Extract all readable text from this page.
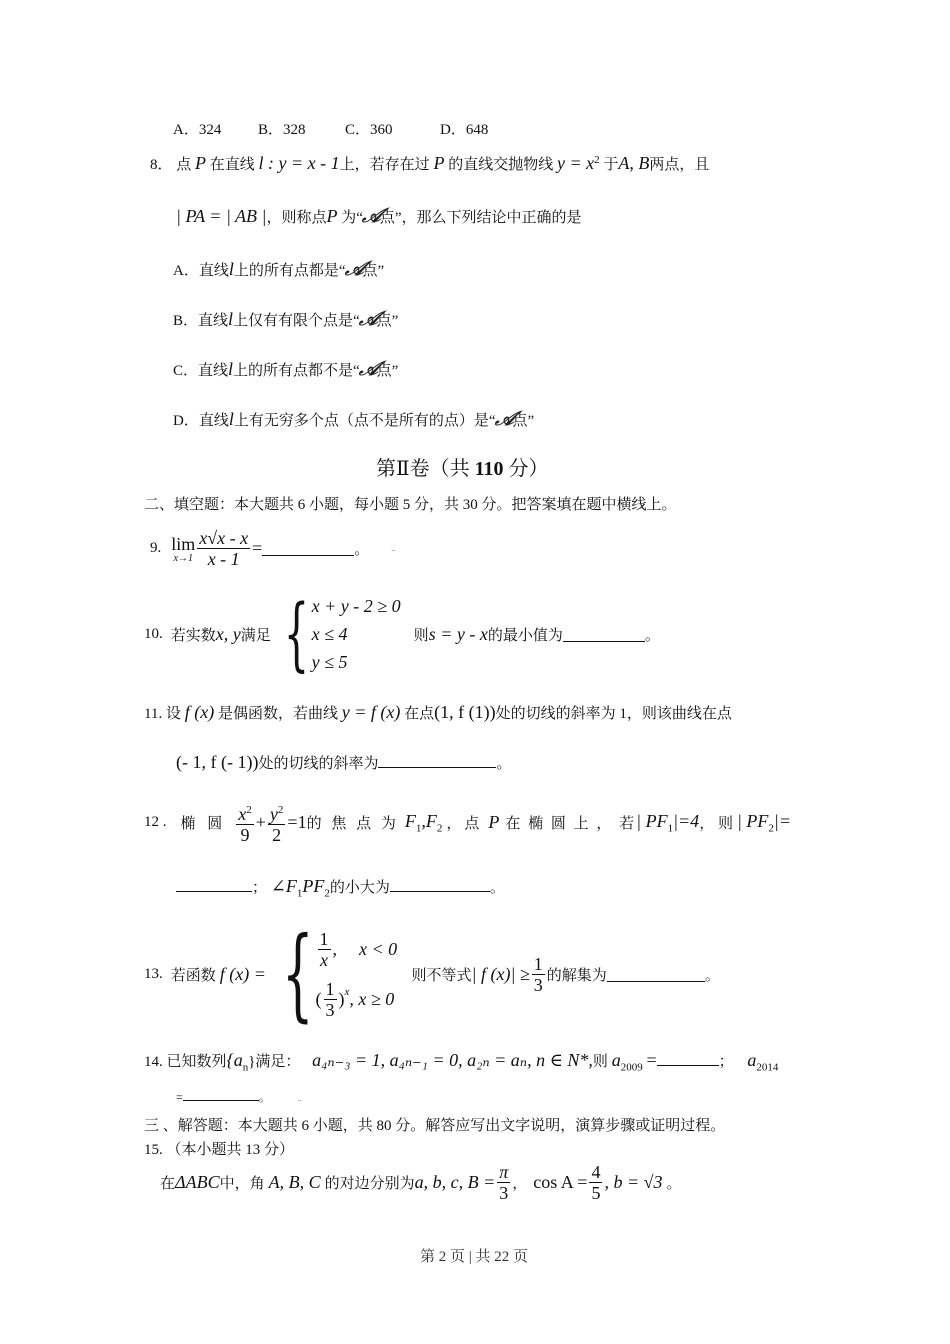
A．324 B．328	C．360	D．648
8． 点 P 在直线 l : y = x - 1上，若存在过 P 的直线交抛物线 $y = x^2$ 于A, B两点，且
| PA = | AB |，则称点P 为“𝒜点”，那么下列结论中正确的是
A．直线l上的所有点都是“𝒜点”
B．直线l上仅有有限个点是“𝒜点”
C．直线l上的所有点都不是“𝒜点”
D．直线l上有无穷多个点（点不是所有的点）是“𝒜点”
第Ⅱ卷（共 110 分）
二、填空题：本大题共 6 小题，每小题 5 分，共 30 分。把答案填在题中横线上。
9. lim
$x\to 1 \frac{x√x - x}{x - 1}$ =	。	..
10. 若实数 x, y 满足 { x + y - 2 ≥ 0
x ≤ 4
y ≤ 5
则 s = y - x 的最小值为	。
11. 设 f (x) 是偶函数，若曲线 y = f (x) 在点(1, f (1))处的切线的斜率为 1，则该曲线在点
(- 1, f (- 1))处的切线的斜率为	。
12 . 椭 圆 $\frac{x^2}{9} + \frac{y^2}{2} =1$ 的 焦 点 为 $F_1,F_2$ ，点 P 在 椭 圆 上 ， 若 | $PF_1|=4$ ， 则 | $PF_2|=$
； $\angle F_1PF_2$的小大为	。
13. 若函数 f (x) = { $\frac{1}{x}$ , x < 0
( $\frac{1}{3} )^x$ , x ≥ 0
则不等式 | f $(x)| \ge \frac{1}{3}$ 的解集为	。
14. 已知数列$\{a_n\}$满足： a₄ₙ₋₃ = 1, a₄ₙ₋₁ = 0, a₂ₙ = aₙ, n ∈ N*,则 $a_{2009}$ =	； $a_{2014}$
=	。	..
三 、解答题：本大题共 6 小题，共 80 分。解答应写出文字说明，演算步骤或证明过程。
15. （本小题共 13 分）
在 ΔABC 中，角 A, B, C 的对边分别为 a, b, c, $B = \frac{\pi}{3}$ ， $\cos A = \frac{4}{5}$ , b = √3 。
第 2 页 | 共 22 页
